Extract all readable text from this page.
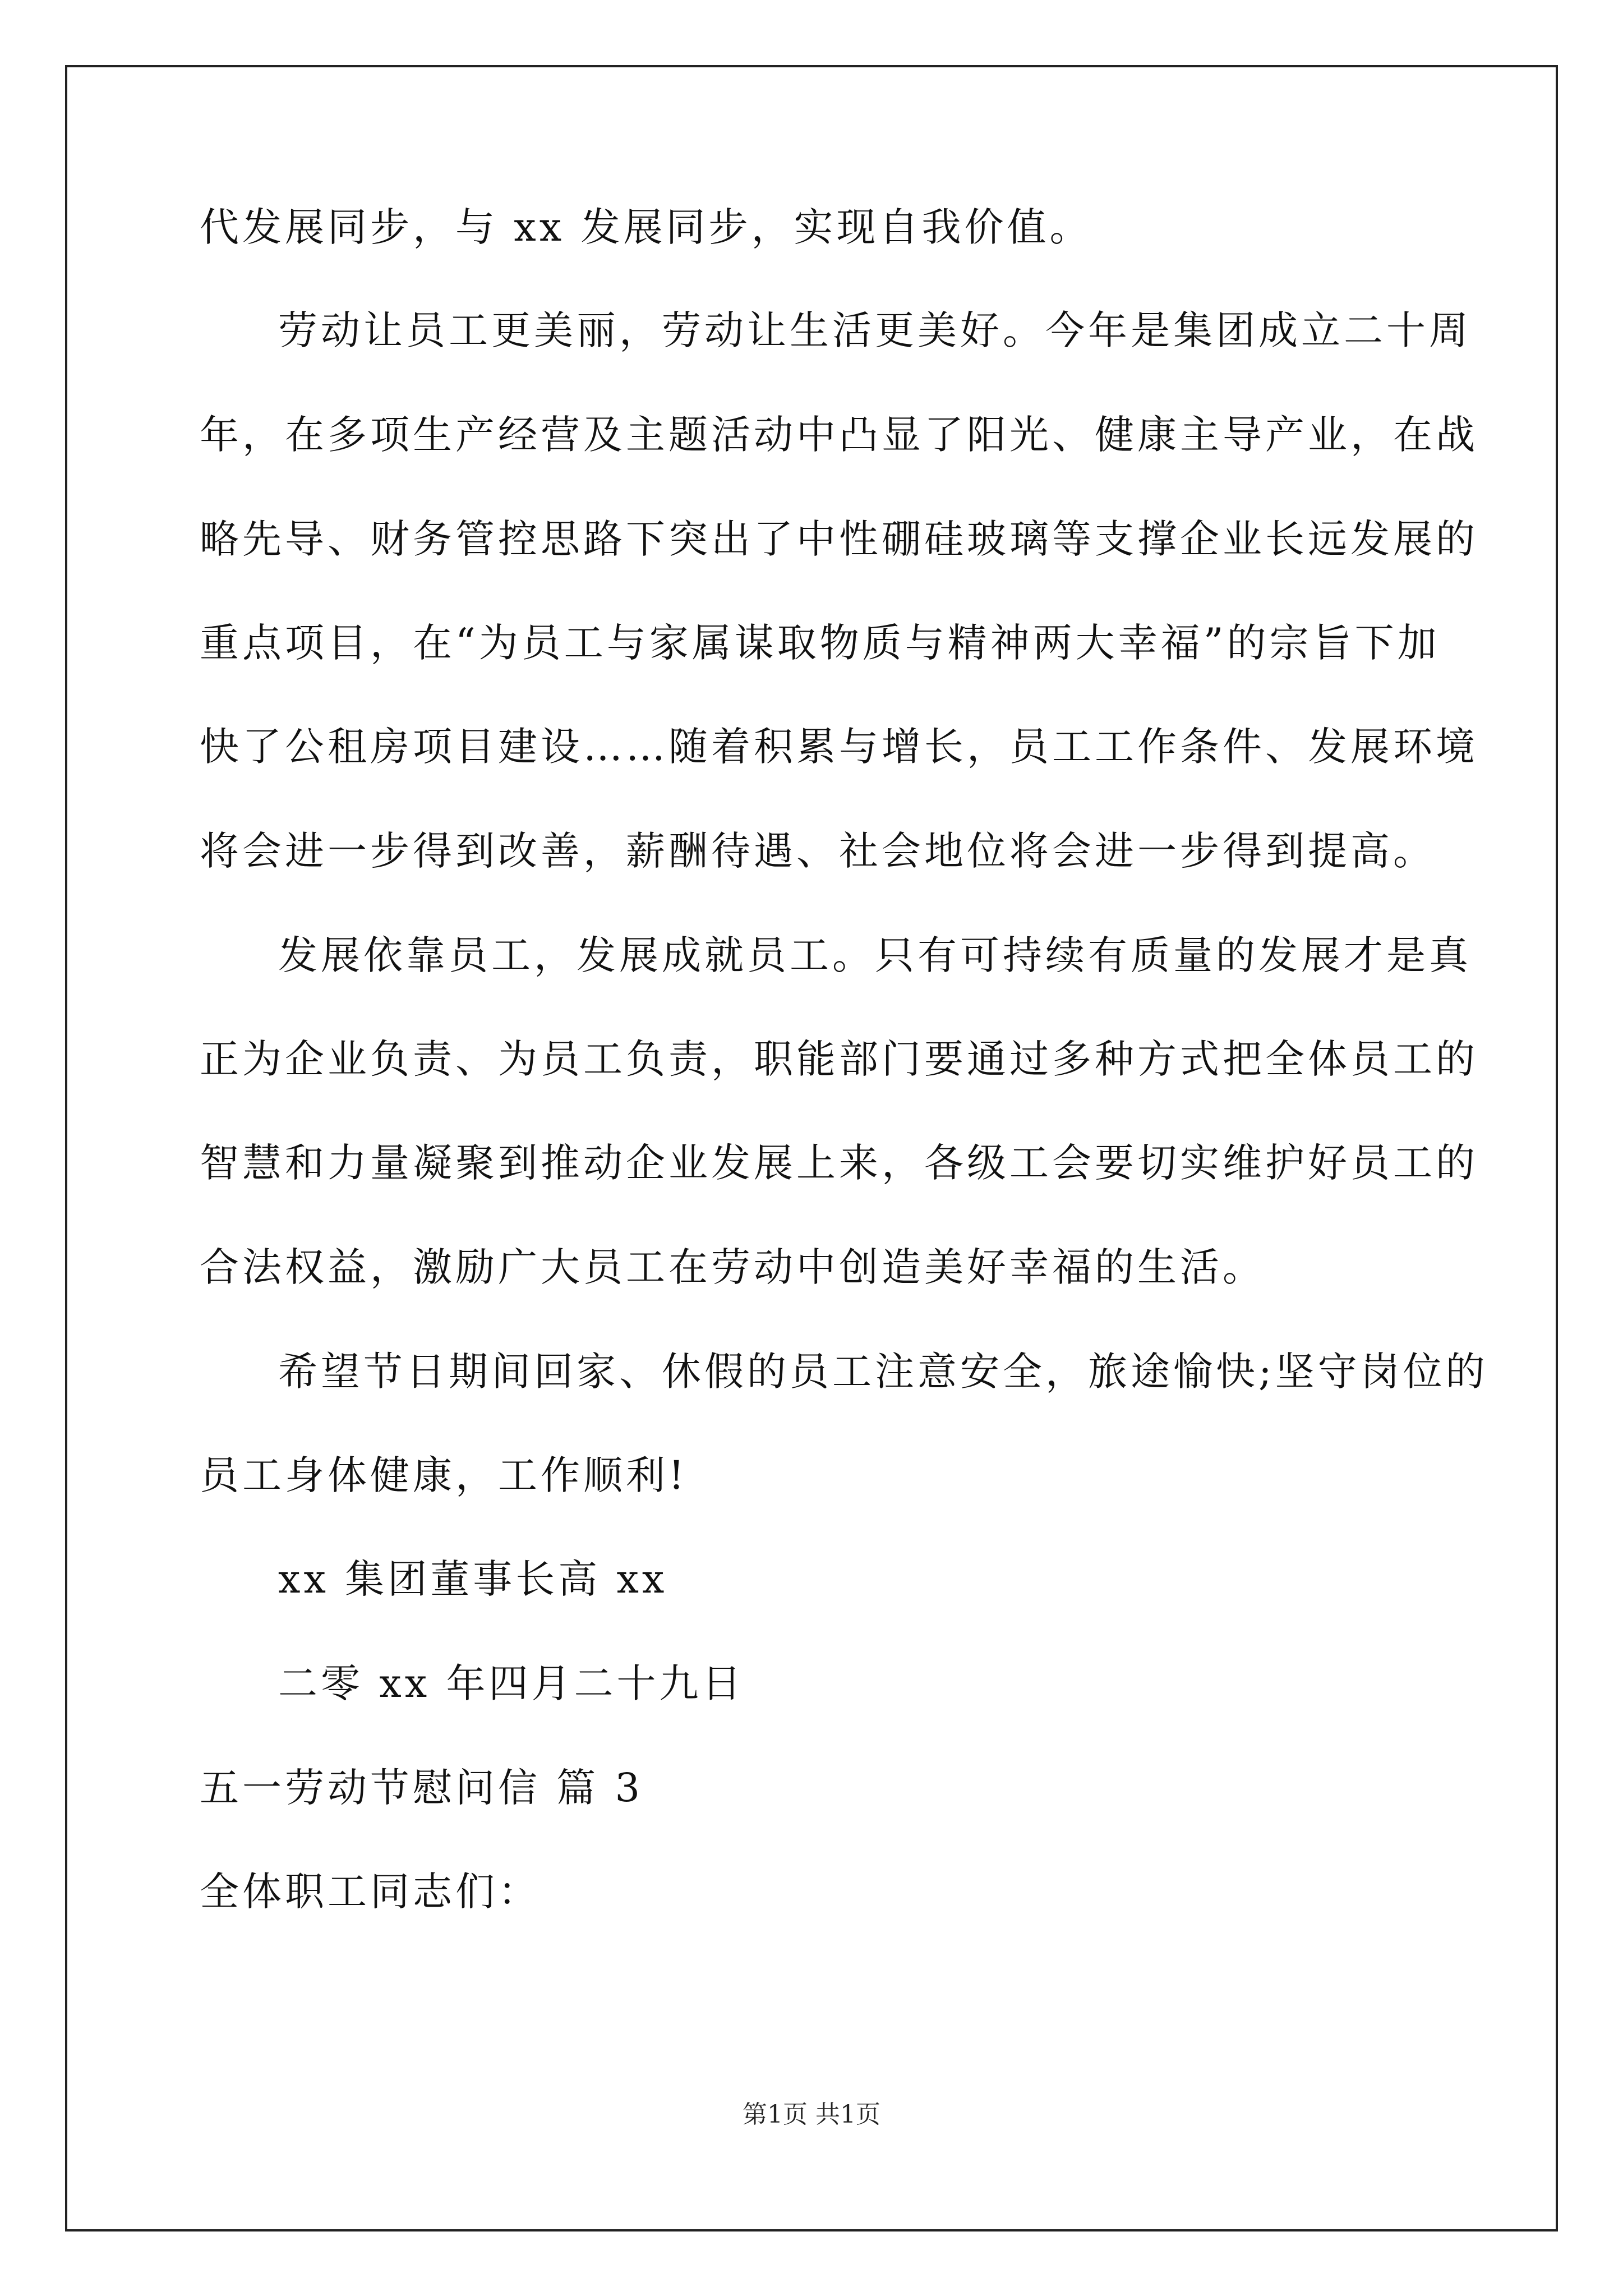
代发展同步，与 xx 发展同步，实现自我价值。
劳动让员工更美丽，劳动让生活更美好。今年是集团成立二十周
年，在多项生产经营及主题活动中凸显了阳光、健康主导产业，在战
略先导、财务管控思路下突出了中性硼硅玻璃等支撑企业长远发展的
重点项目，在“为员工与家属谋取物质与精神两大幸福”的宗旨下加
快了公租房项目建设……随着积累与增长，员工工作条件、发展环境
将会进一步得到改善，薪酬待遇、社会地位将会进一步得到提高。
发展依靠员工，发展成就员工。只有可持续有质量的发展才是真
正为企业负责、为员工负责，职能部门要通过多种方式把全体员工的
智慧和力量凝聚到推动企业发展上来，各级工会要切实维护好员工的
合法权益，激励广大员工在劳动中创造美好幸福的生活。
希望节日期间回家、休假的员工注意安全，旅途愉快;坚守岗位的
员工身体健康，工作顺利!
xx 集团董事长高 xx
二零 xx 年四月二十九日
五一劳动节慰问信 篇 3
全体职工同志们：
第1页 共1页
